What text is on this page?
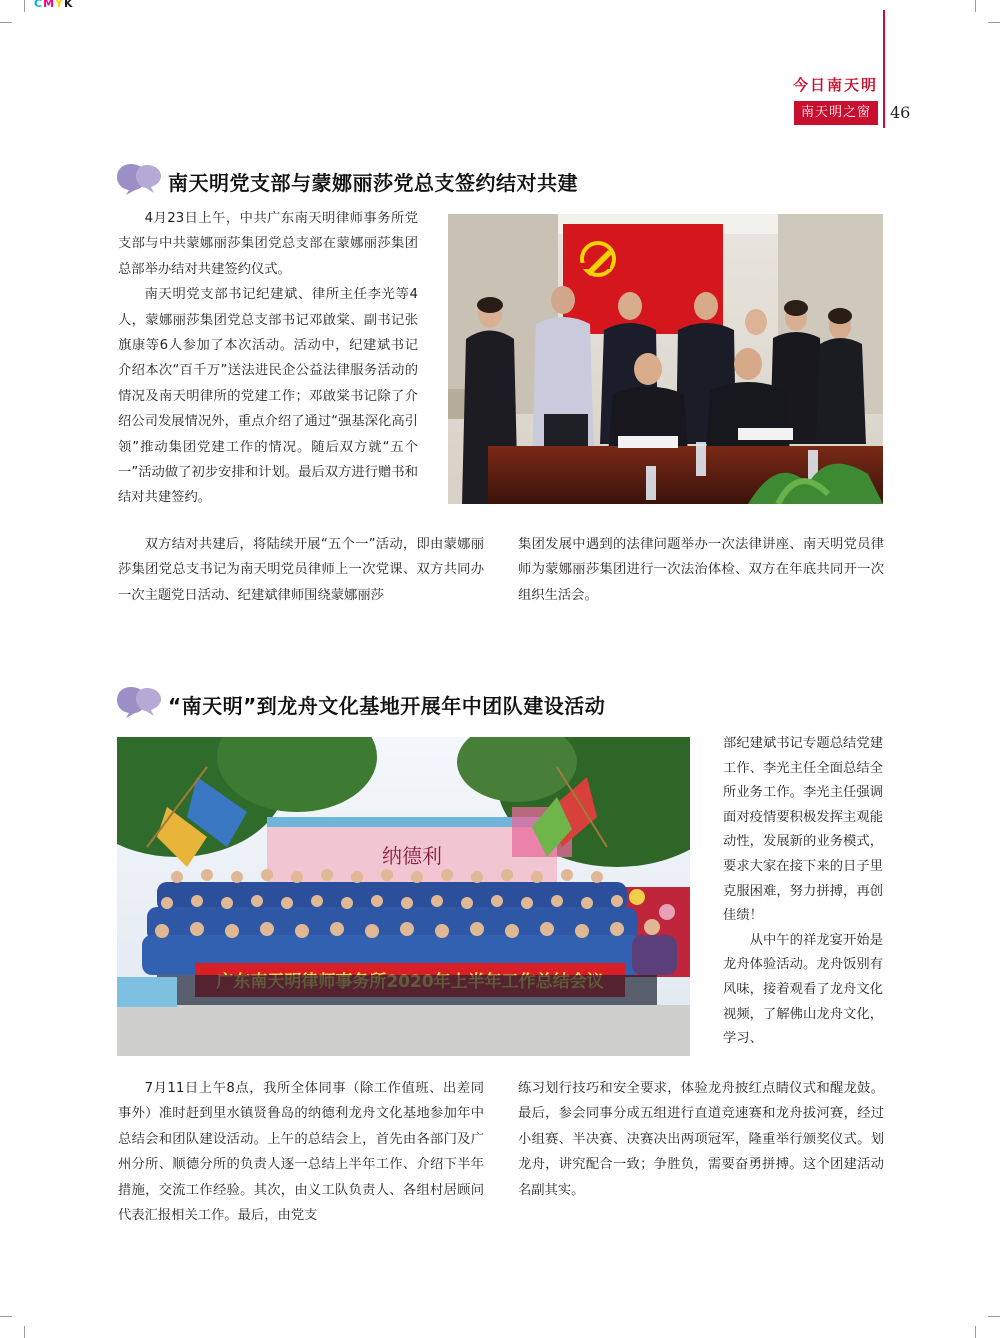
CMYK
今日南天明
南天明之窗	46
南天明党支部与蒙娜丽莎党总支签约结对共建

4月23日上午，中共广东南天明律师事务所党支部与中共蒙娜丽莎集团党总支部在蒙娜丽莎集团总部举办结对共建签约仪式。

南天明党支部书记纪建斌、律所主任李光等4人，蒙娜丽莎集团党总支部书记邓啟棠、副书记张旗康等6人参加了本次活动。活动中，纪建斌书记介绍本次“百千万”送法进民企公益法律服务活动的情况及南天明律所的党建工作；邓啟棠书记除了介绍公司发展情况外，重点介绍了通过“强基深化高引领”推动集团党建工作的情况。随后双方就“五个一”活动做了初步安排和计划。最后双方进行赠书和结对共建签约。

双方结对共建后，将陆续开展“五个一”活动，即由蒙娜丽莎集团党总支书记为南天明党员律师上一次党课、双方共同办一次主题党日活动、纪建斌律师围绕蒙娜丽莎

集团发展中遇到的法律问题举办一次法律讲座、南天明党员律师为蒙娜丽莎集团进行一次法治体检、双方在年底共同开一次组织生活会。

“南天明”到龙舟文化基地开展年中团队建设活动
纳德利

部纪建斌书记专题总结党建工作、李光主任全面总结全所业务工作。李光主任强调面对疫情要积极发挥主观能动性，发展新的业务模式，要求大家在接下来的日子里克服困难，努力拼搏，再创佳绩！

从中午的祥龙宴开始是龙舟体验活动。龙舟饭别有风味，接着观看了龙舟文化视频，了解佛山龙舟文化，学习、

7月11日上午8点，我所全体同事（除工作值班、出差同事外）准时赶到里水镇贤鲁岛的纳德利龙舟文化基地参加年中总结会和团队建设活动。上午的总结会上，首先由各部门及广州分所、顺德分所的负责人逐一总结上半年工作、介绍下半年措施，交流工作经验。其次，由义工队负责人、各组村居顾问代表汇报相关工作。最后，由党支

练习划行技巧和安全要求，体验龙舟披红点睛仪式和醒龙鼓。最后，参会同事分成五组进行直道竞速赛和龙舟拔河赛，经过小组赛、半决赛、决赛决出两项冠军，隆重举行颁奖仪式。划龙舟，讲究配合一致；争胜负，需要奋勇拼搏。这个团建活动名副其实。
